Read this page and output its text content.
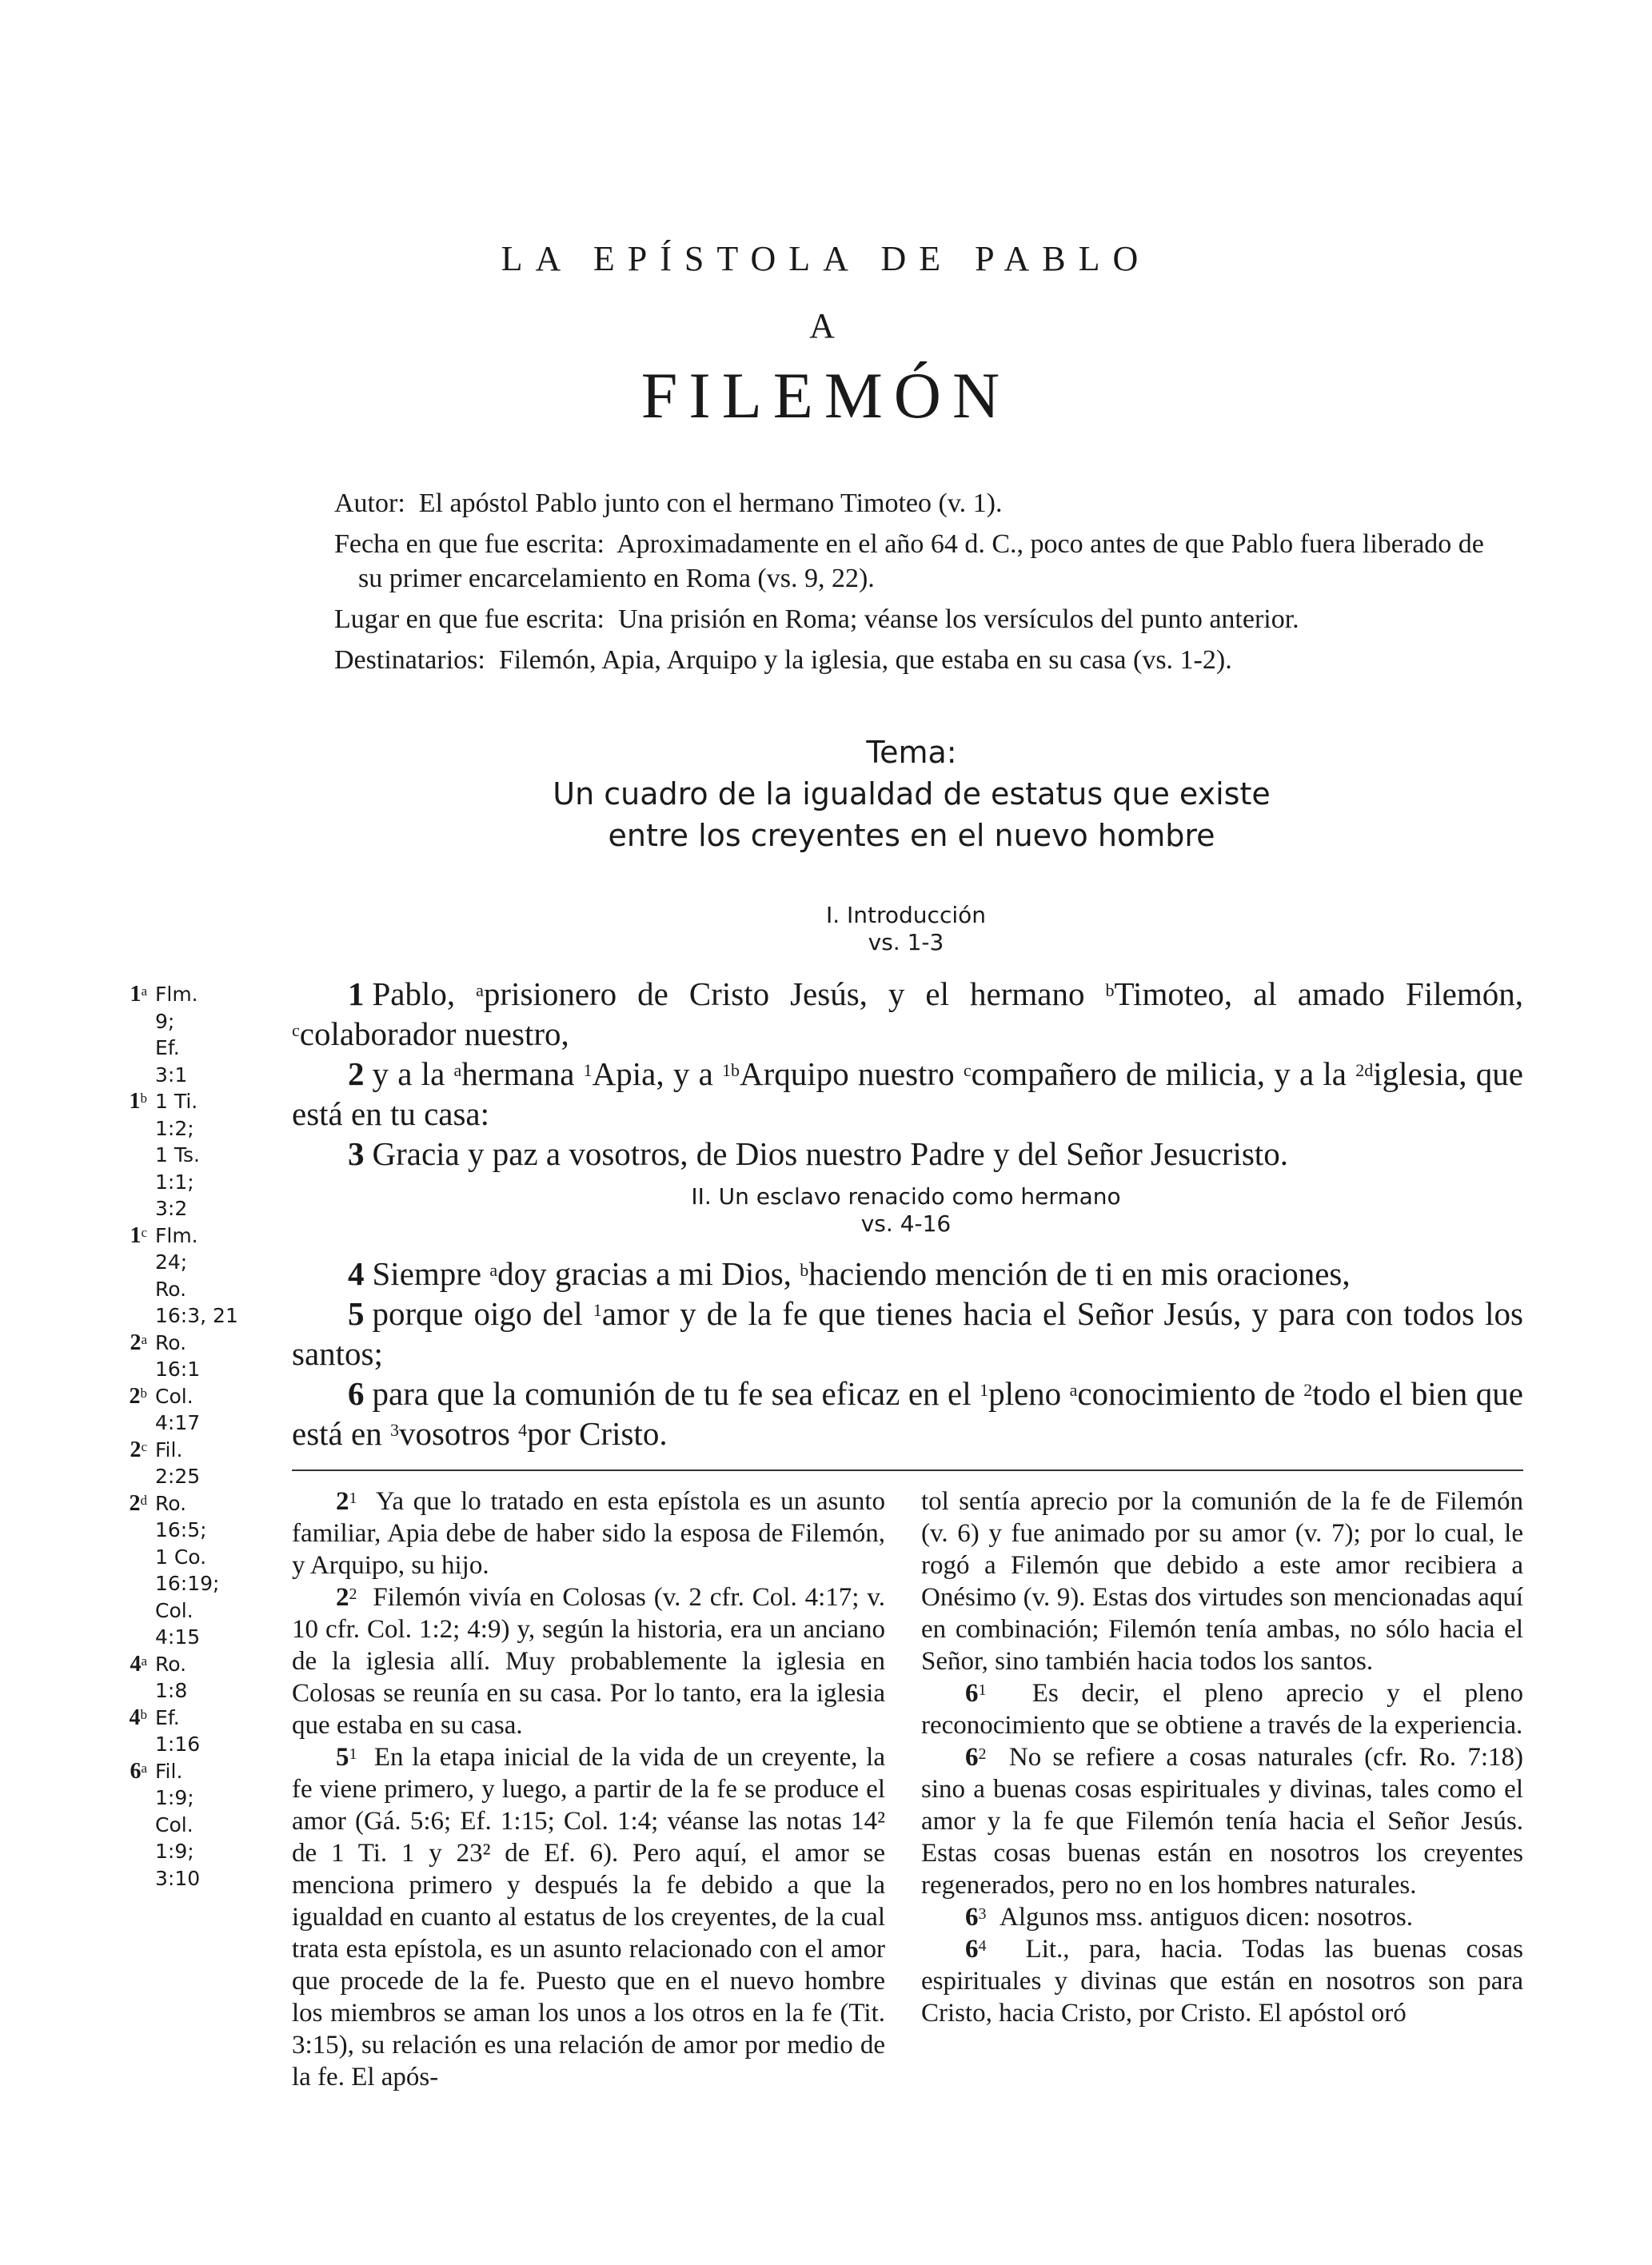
LA EPÍSTOLA DE PABLO
A
FILEMÓN
Autor: El apóstol Pablo junto con el hermano Timoteo (v. 1).
Fecha en que fue escrita: Aproximadamente en el año 64 d. C., poco antes de que Pablo fuera liberado de su primer encarcelamiento en Roma (vs. 9, 22).
Lugar en que fue escrita: Una prisión en Roma; véanse los versículos del punto anterior.
Destinatarios: Filemón, Apia, Arquipo y la iglesia, que estaba en su casa (vs. 1-2).
Tema:
Un cuadro de la igualdad de estatus que existe
entre los creyentes en el nuevo hombre
I. Introducción
vs. 1-3
1$^a$ Flm.
9;
Ef.
3:1
1$^b$ 1 Ti.
1:2;
1 Ts.
1:1;
3:2
1$^c$ Flm.
24;
Ro.
16:3, 21
2$^a$ Ro.
16:1
2$^b$ Col.
4:17
2$^c$ Fil.
2:25
2$^d$ Ro.
16:5;
1 Co.
16:19;
Col.
4:15
4$^a$ Ro.
1:8
4$^b$ Ef.
1:16
6$^a$ Fil.
1:9;
Col.
1:9;
3:10
1 Pablo, $^a$prisionero de Cristo Jesús, y el hermano $^b$Timoteo, al amado Filemón, $^c$colaborador nuestro,
2 y a la $^a$hermana $^1$Apia, y a $^{1b}$Arquipo nuestro $^c$compañero de milicia, y a la $^{2d}$iglesia, que está en tu casa:
3 Gracia y paz a vosotros, de Dios nuestro Padre y del Señor Jesucristo.
II. Un esclavo renacido como hermano
vs. 4-16
4 Siempre $^a$doy gracias a mi Dios, $^b$haciendo mención de ti en mis oraciones,
5 porque oigo del $^1$amor y de la fe que tienes hacia el Señor Jesús, y para con todos los santos;
6 para que la comunión de tu fe sea eficaz en el $^1$pleno $^a$conocimiento de $^2$todo el bien que está en $^3$vosotros $^4$por Cristo.
$2^1$ Ya que lo tratado en esta epístola es un asunto familiar, Apia debe de haber sido la esposa de Filemón, y Arquipo, su hijo.
$2^2$ Filemón vivía en Colosas (v. 2 cfr. Col. 4:17; v. 10 cfr. Col. 1:2; 4:9) y, según la historia, era un anciano de la iglesia allí. Muy probablemente la iglesia en Colosas se reunía en su casa. Por lo tanto, era la iglesia que estaba en su casa.
$5^1$ En la etapa inicial de la vida de un creyente, la fe viene primero, y luego, a partir de la fe se produce el amor (Gá. 5:6; Ef. 1:15; Col. 1:4; véanse las notas 14² de 1 Ti. 1 y 23² de Ef. 6). Pero aquí, el amor se menciona primero y después la fe debido a que la igualdad en cuanto al estatus de los creyentes, de la cual trata esta epístola, es un asunto relacionado con el amor que procede de la fe. Puesto que en el nuevo hombre los miembros se aman los unos a los otros en la fe (Tit. 3:15), su relación es una relación de amor por medio de la fe. El após-
tol sentía aprecio por la comunión de la fe de Filemón (v. 6) y fue animado por su amor (v. 7); por lo cual, le rogó a Filemón que debido a este amor recibiera a Onésimo (v. 9). Estas dos virtudes son mencionadas aquí en combinación; Filemón tenía ambas, no sólo hacia el Señor, sino también hacia todos los santos.
$6^1$ Es decir, el pleno aprecio y el pleno reconocimiento que se obtiene a través de la experiencia.
$6^2$ No se refiere a cosas naturales (cfr. Ro. 7:18) sino a buenas cosas espirituales y divinas, tales como el amor y la fe que Filemón tenía hacia el Señor Jesús. Estas cosas buenas están en nosotros los creyentes regenerados, pero no en los hombres naturales.
$6^3$ Algunos mss. antiguos dicen: nosotros.
$6^4$ Lit., para, hacia. Todas las buenas cosas espirituales y divinas que están en nosotros son para Cristo, hacia Cristo, por Cristo. El apóstol oró
